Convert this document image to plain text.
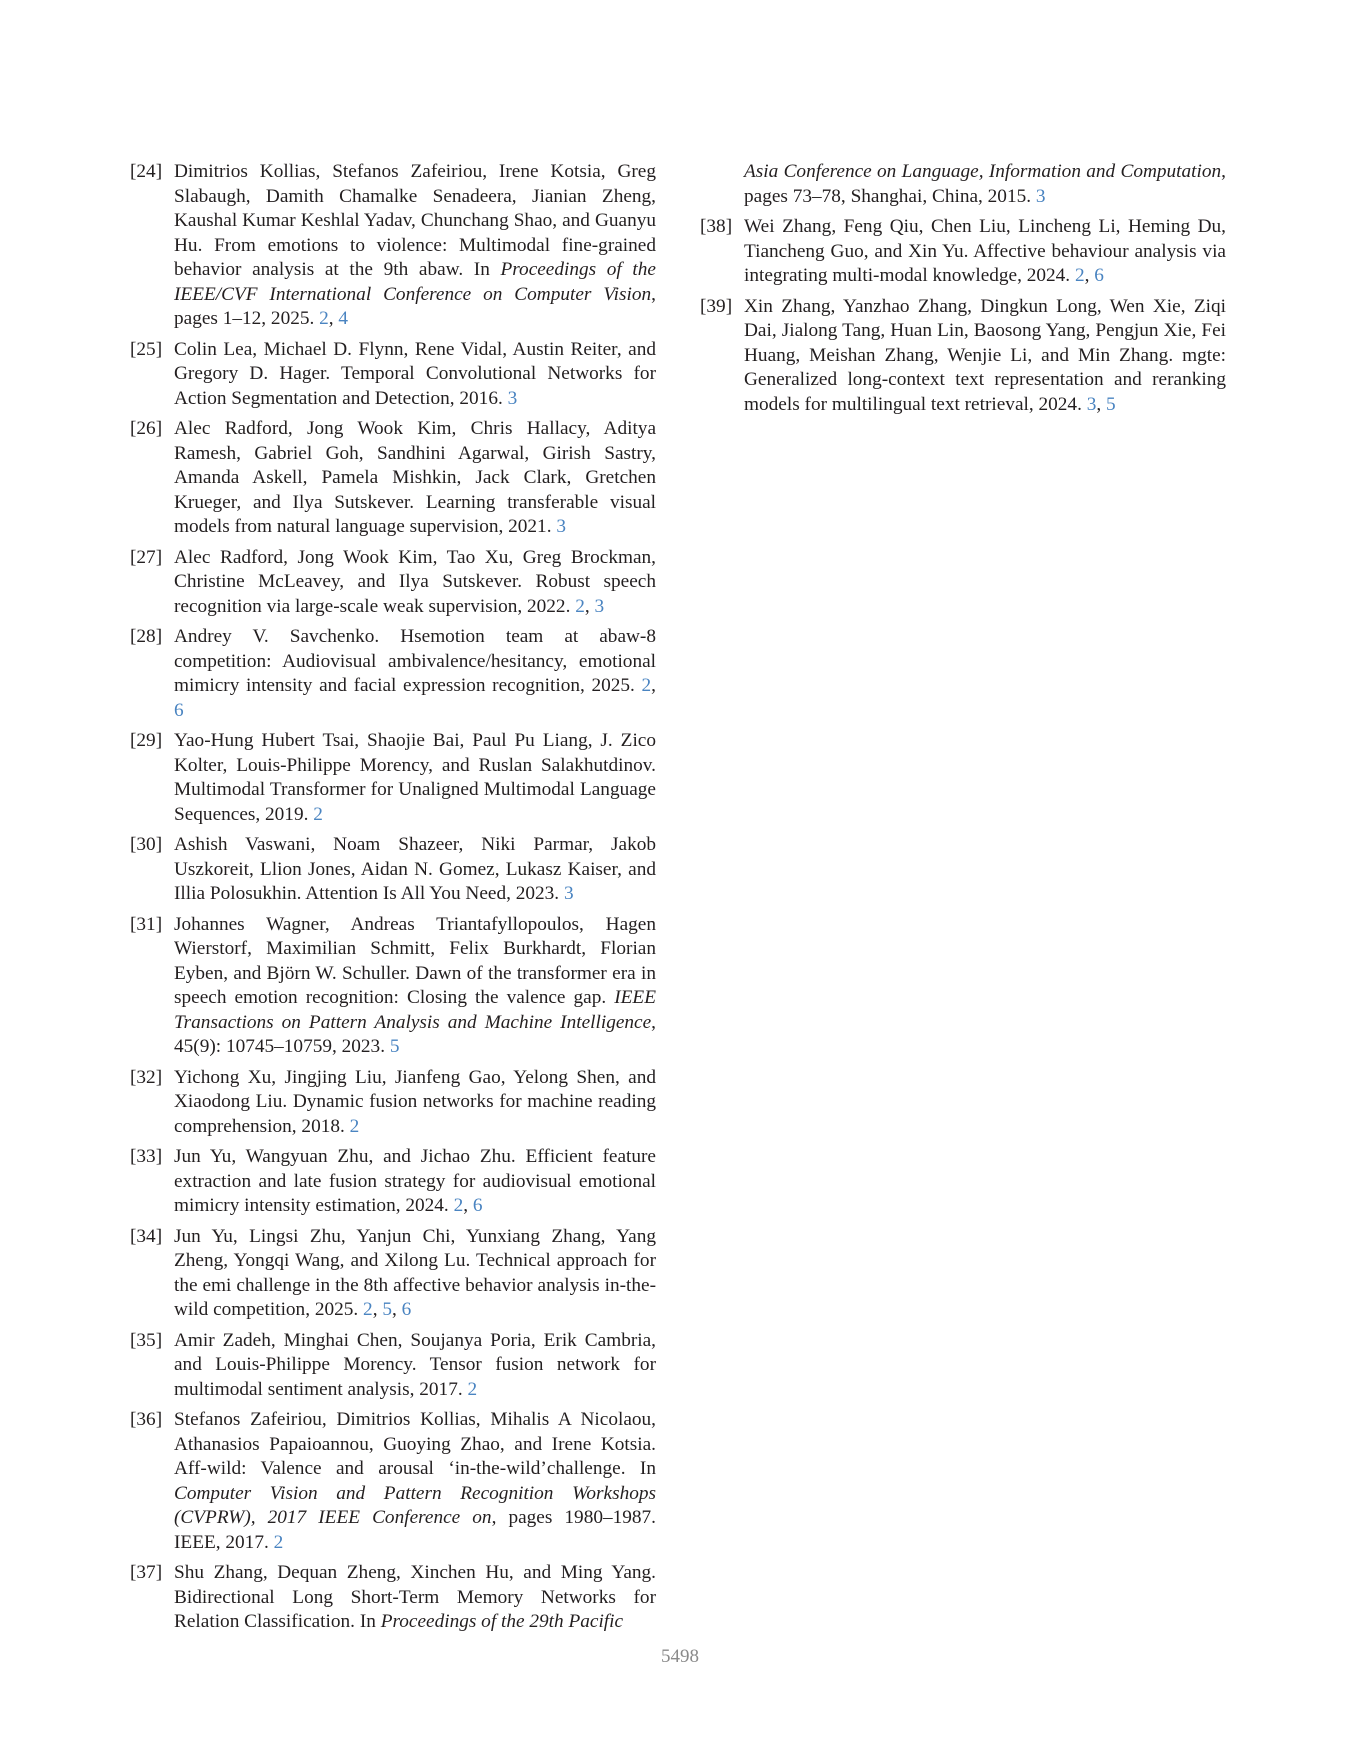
[24] Dimitrios Kollias, Stefanos Zafeiriou, Irene Kotsia, Greg Slabaugh, Damith Chamalke Senadeera, Jianian Zheng, Kaushal Kumar Keshlal Yadav, Chunchang Shao, and Guanyu Hu. From emotions to violence: Multimodal fine-grained behavior analysis at the 9th abaw. In Proceedings of the IEEE/CVF International Conference on Computer Vision, pages 1–12, 2025. 2, 4
[25] Colin Lea, Michael D. Flynn, Rene Vidal, Austin Reiter, and Gregory D. Hager. Temporal Convolutional Networks for Action Segmentation and Detection, 2016. 3
[26] Alec Radford, Jong Wook Kim, Chris Hallacy, Aditya Ramesh, Gabriel Goh, Sandhini Agarwal, Girish Sastry, Amanda Askell, Pamela Mishkin, Jack Clark, Gretchen Krueger, and Ilya Sutskever. Learning transferable visual models from natural language supervision, 2021. 3
[27] Alec Radford, Jong Wook Kim, Tao Xu, Greg Brockman, Christine McLeavey, and Ilya Sutskever. Robust speech recognition via large-scale weak supervision, 2022. 2, 3
[28] Andrey V. Savchenko. Hsemotion team at abaw-8 competition: Audiovisual ambivalence/hesitancy, emotional mimicry intensity and facial expression recognition, 2025. 2, 6
[29] Yao-Hung Hubert Tsai, Shaojie Bai, Paul Pu Liang, J. Zico Kolter, Louis-Philippe Morency, and Ruslan Salakhutdinov. Multimodal Transformer for Unaligned Multimodal Language Sequences, 2019. 2
[30] Ashish Vaswani, Noam Shazeer, Niki Parmar, Jakob Uszkoreit, Llion Jones, Aidan N. Gomez, Lukasz Kaiser, and Illia Polosukhin. Attention Is All You Need, 2023. 3
[31] Johannes Wagner, Andreas Triantafyllopoulos, Hagen Wierstorf, Maximilian Schmitt, Felix Burkhardt, Florian Eyben, and Björn W. Schuller. Dawn of the transformer era in speech emotion recognition: Closing the valence gap. IEEE Transactions on Pattern Analysis and Machine Intelligence, 45(9): 10745–10759, 2023. 5
[32] Yichong Xu, Jingjing Liu, Jianfeng Gao, Yelong Shen, and Xiaodong Liu. Dynamic fusion networks for machine reading comprehension, 2018. 2
[33] Jun Yu, Wangyuan Zhu, and Jichao Zhu. Efficient feature extraction and late fusion strategy for audiovisual emotional mimicry intensity estimation, 2024. 2, 6
[34] Jun Yu, Lingsi Zhu, Yanjun Chi, Yunxiang Zhang, Yang Zheng, Yongqi Wang, and Xilong Lu. Technical approach for the emi challenge in the 8th affective behavior analysis in-the-wild competition, 2025. 2, 5, 6
[35] Amir Zadeh, Minghai Chen, Soujanya Poria, Erik Cambria, and Louis-Philippe Morency. Tensor fusion network for multimodal sentiment analysis, 2017. 2
[36] Stefanos Zafeiriou, Dimitrios Kollias, Mihalis A Nicolaou, Athanasios Papaioannou, Guoying Zhao, and Irene Kotsia. Aff-wild: Valence and arousal ‘in-the-wild’challenge. In Computer Vision and Pattern Recognition Workshops (CVPRW), 2017 IEEE Conference on, pages 1980–1987. IEEE, 2017. 2
[37] Shu Zhang, Dequan Zheng, Xinchen Hu, and Ming Yang. Bidirectional Long Short-Term Memory Networks for Relation Classification. In Proceedings of the 29th Pacific
Asia Conference on Language, Information and Computation, pages 73–78, Shanghai, China, 2015. 3
[38] Wei Zhang, Feng Qiu, Chen Liu, Lincheng Li, Heming Du, Tiancheng Guo, and Xin Yu. Affective behaviour analysis via integrating multi-modal knowledge, 2024. 2, 6
[39] Xin Zhang, Yanzhao Zhang, Dingkun Long, Wen Xie, Ziqi Dai, Jialong Tang, Huan Lin, Baosong Yang, Pengjun Xie, Fei Huang, Meishan Zhang, Wenjie Li, and Min Zhang. mgte: Generalized long-context text representation and reranking models for multilingual text retrieval, 2024. 3, 5
5498
